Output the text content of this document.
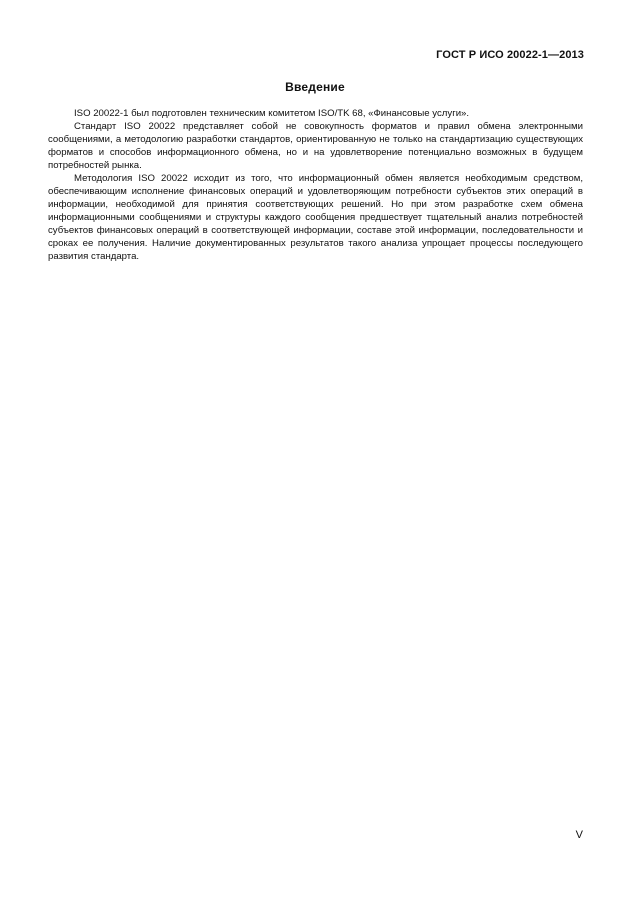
ГОСТ Р ИСО 20022-1—2013
Введение

ISO 20022-1 был подготовлен техническим комитетом ISO/TK 68, «Финансовые услуги».

Стандарт ISO 20022 представляет собой не совокупность форматов и правил обмена электронными сообщениями, а методологию разработки стандартов, ориентированную не только на стандартизацию существующих форматов и способов информационного обмена, но и на удовлетворение потенциально возможных в будущем потребностей рынка.

Методология ISO 20022 исходит из того, что информационный обмен является необходимым средством, обеспечивающим исполнение финансовых операций и удовлетворяющим потребности субъектов этих операций в информации, необходимой для принятия соответствующих решений. Но при этом разработке схем обмена информационными сообщениями и структуры каждого сообщения предшествует тщательный анализ потребностей субъектов финансовых операций в соответствующей информации, составе этой информации, последовательности и сроках ее получения. Наличие документированных результатов такого анализа упрощает процессы последующего развития стандарта.

V
